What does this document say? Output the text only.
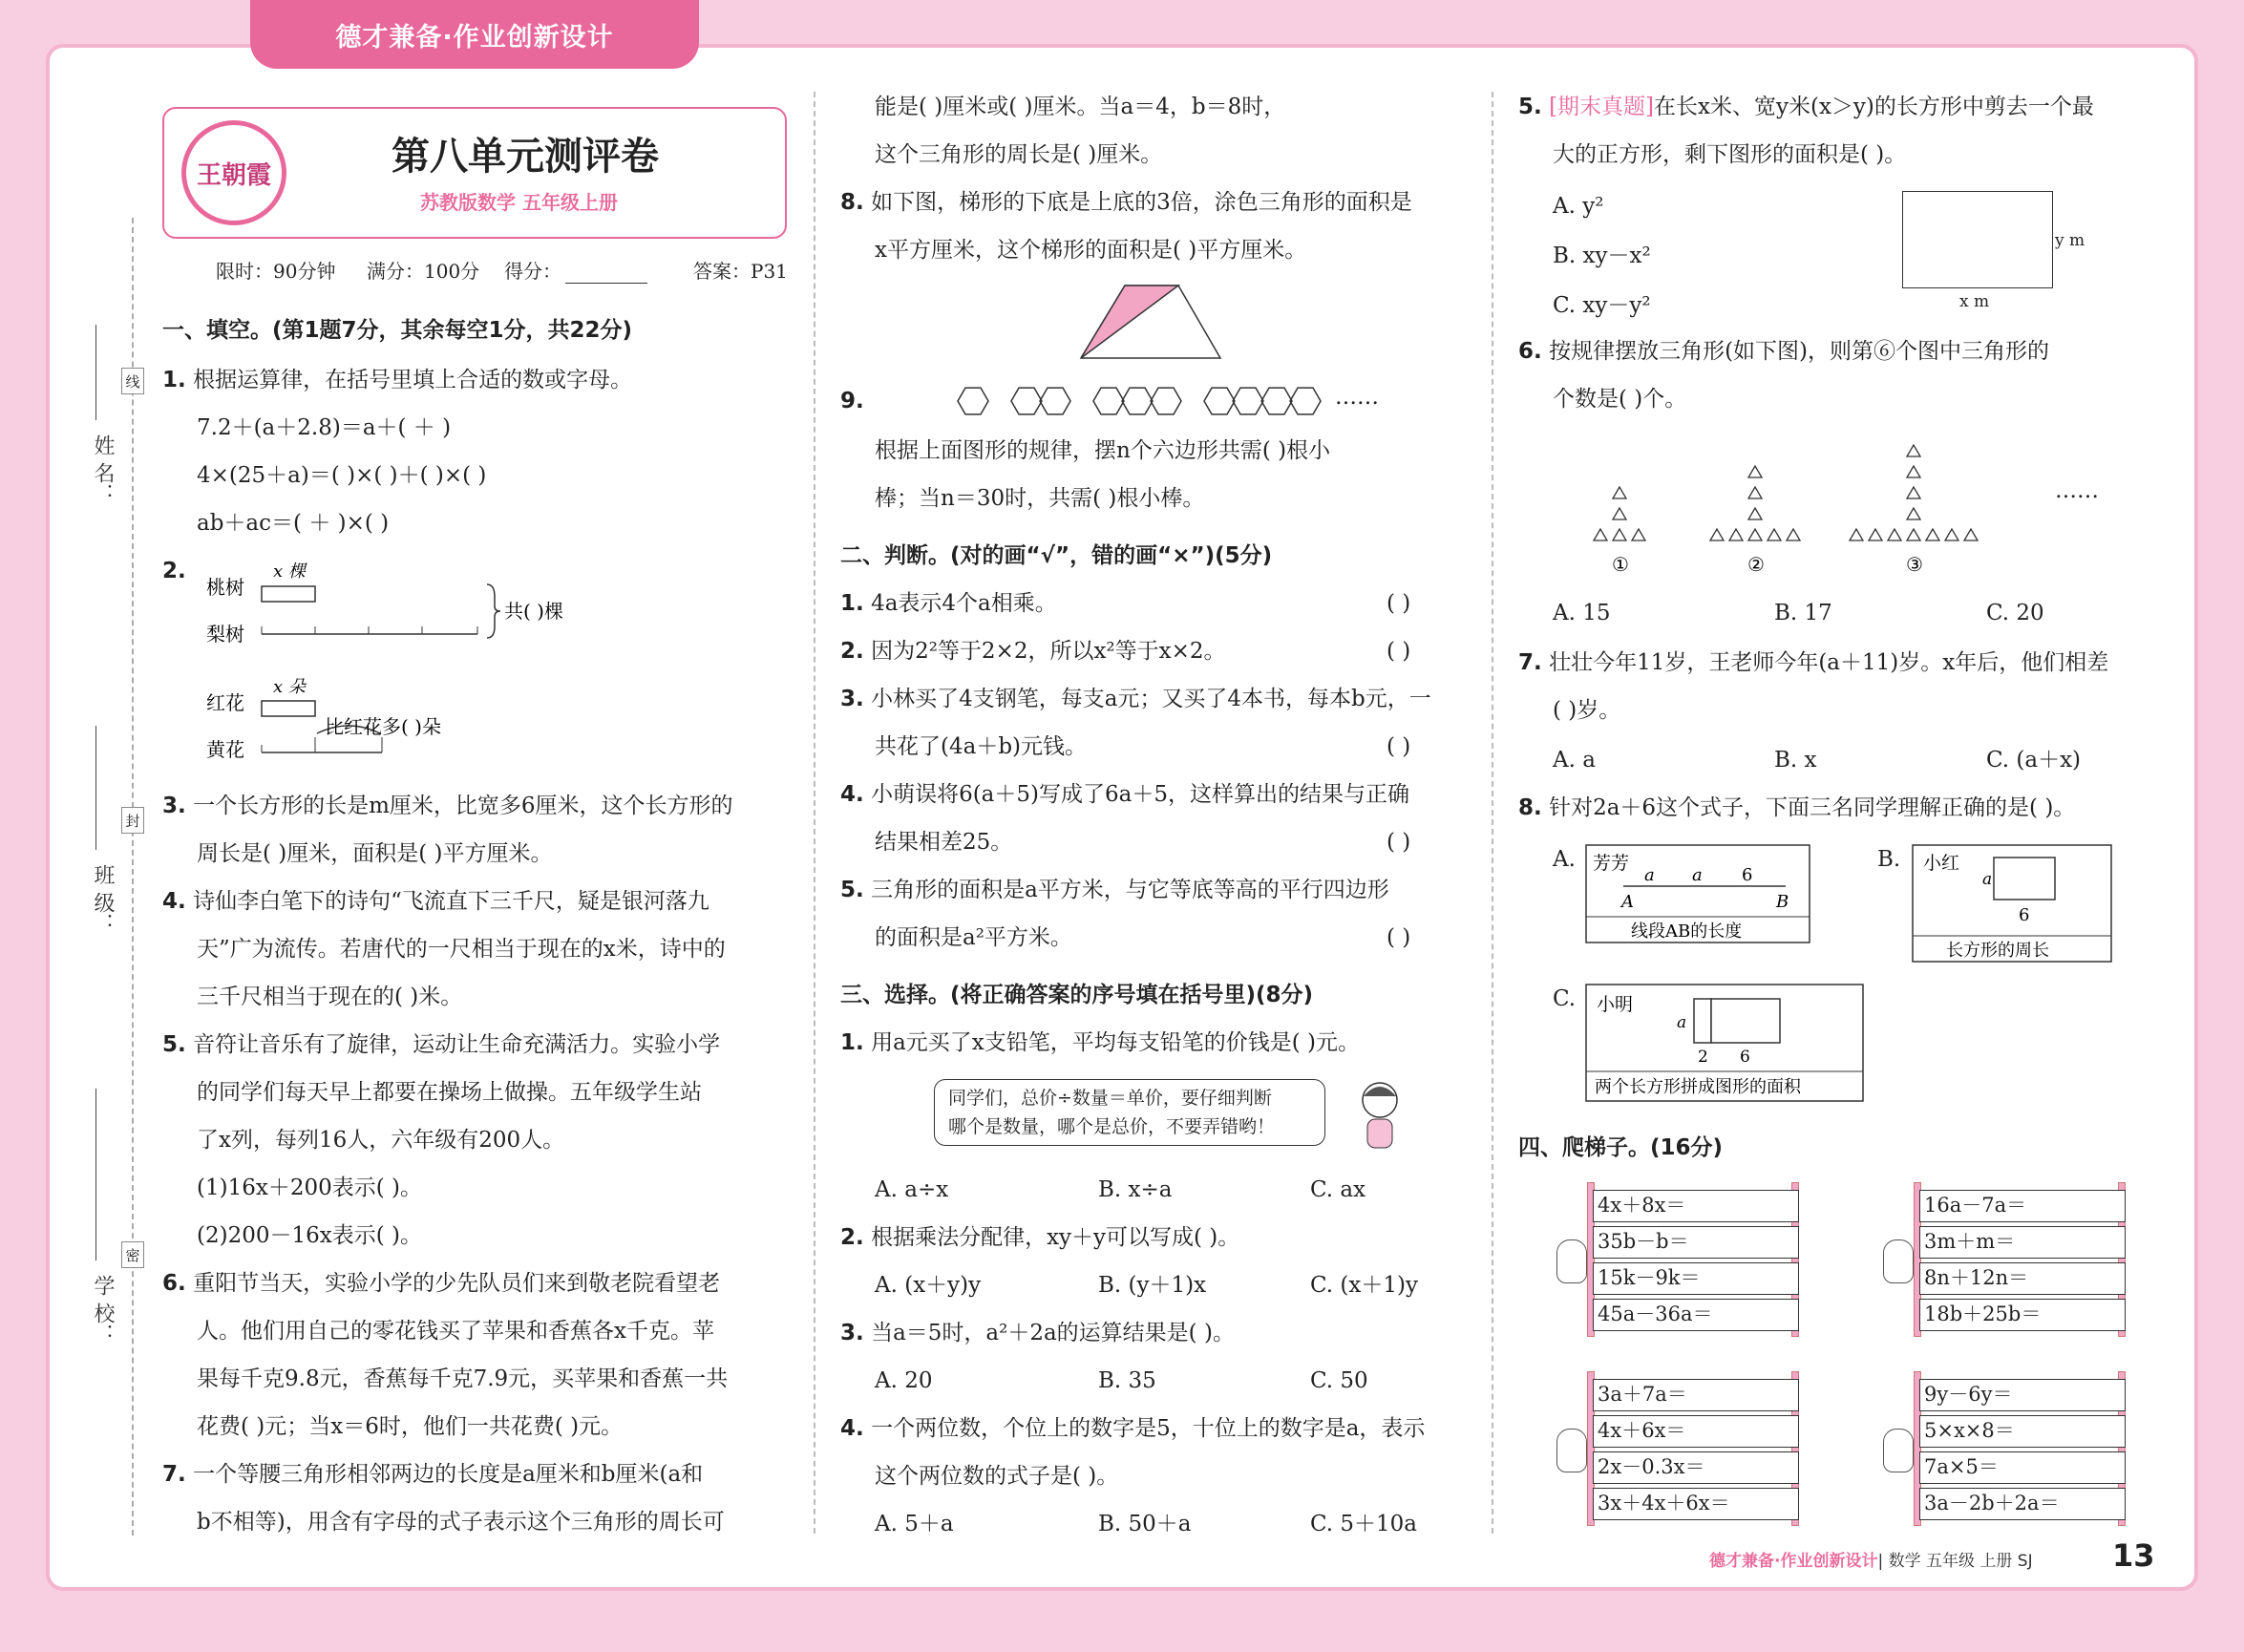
德才兼备·作业创新设计
姓 名：
班 级：
学 校：
线
封
密
王朝霞	第八单元测评卷
苏教版数学 五年级上册
限时：90分钟 满分：100分 得分：	答案：P31
一、填空。(第1题7分，其余每空1分，共22分)
1. 根据运算律，在括号里填上合适的数或字母。
7.2＋(a＋2.8)＝a＋( ＋ )
4×(25＋a)＝( )×( )＋( )×( )
ab＋ac＝( ＋ )×( )
2.
桃树
梨树
x 棵
共( )棵
红花
黄花
x 朵
比红花多( )朵
3. 一个长方形的长是m厘米，比宽多6厘米，这个长方形的
周长是( )厘米，面积是( )平方厘米。
4. 诗仙李白笔下的诗句“飞流直下三千尺，疑是银河落九
天”广为流传。若唐代的一尺相当于现在的x米，诗中的
三千尺相当于现在的( )米。
5. 音符让音乐有了旋律，运动让生命充满活力。实验小学
的同学们每天早上都要在操场上做操。五年级学生站
了x列，每列16人，六年级有200人。
(1)16x＋200表示( )。
(2)200－16x表示( )。
6. 重阳节当天，实验小学的少先队员们来到敬老院看望老
人。他们用自己的零花钱买了苹果和香蕉各x千克。苹
果每千克9.8元，香蕉每千克7.9元，买苹果和香蕉一共
花费( )元；当x＝6时，他们一共花费( )元。
7. 一个等腰三角形相邻两边的长度是a厘米和b厘米(a和
b不相等)，用含有字母的式子表示这个三角形的周长可
能是( )厘米或( )厘米。当a＝4，b＝8时，
这个三角形的周长是( )厘米。
8. 如下图，梯形的下底是上底的3倍，涂色三角形的面积是
x平方厘米，这个梯形的面积是( )平方厘米。
9.	……
根据上面图形的规律，摆n个六边形共需( )根小
棒；当n＝30时，共需( )根小棒。
二、判断。(对的画“√”，错的画“×”)(5分)
1. 4a表示4个a相乘。	( )
2. 因为2²等于2×2，所以x²等于x×2。	( )
3. 小林买了4支钢笔，每支a元；又买了4本书，每本b元，一
共花了(4a＋b)元钱。	( )
4. 小萌误将6(a＋5)写成了6a＋5，这样算出的结果与正确
结果相差25。	( )
5. 三角形的面积是a平方米，与它等底等高的平行四边形
的面积是a²平方米。	( )
三、选择。(将正确答案的序号填在括号里)(8分)
1. 用a元买了x支铅笔，平均每支铅笔的价钱是( )元。
同学们，总价÷数量＝单价，要仔细判断
哪个是数量，哪个是总价，不要弄错哟！
A. a÷x	B. x÷a	C. ax
2. 根据乘法分配律，xy＋y可以写成( )。
A. (x＋y)y	B. (y＋1)x	C. (x＋1)y
3. 当a＝5时，a²＋2a的运算结果是( )。
A. 20	B. 35	C. 50
4. 一个两位数，个位上的数字是5，十位上的数字是a，表示
这个两位数的式子是( )。
A. 5＋a	B. 50＋a	C. 5＋10a
5. [期末真题]在长x米、宽y米(x＞y)的长方形中剪去一个最
大的正方形，剩下图形的面积是( )。
A. y²
B. xy－x²
C. xy－y²
y m
x m
6. 按规律摆放三角形(如下图)，则第⑥个图中三角形的
个数是( )个。
①	②	③
……
A. 15	B. 17	C. 20
7. 壮壮今年11岁，王老师今年(a＋11)岁。x年后，他们相差
( )岁。
A. a	B. x	C. (a＋x)
8. 针对2a＋6这个式子，下面三名同学理解正确的是( )。
A. 芳芳
a a 6
A	B
线段AB的长度
B. 小红
a
6
长方形的周长
C. 小明
a
2 6
两个长方形拼成图形的面积
四、爬梯子。(16分)
4x＋8x＝
35b－b＝
15k－9k＝
45a－36a＝
16a－7a＝
3m＋m＝
8n＋12n＝
18b＋25b＝
3a＋7a＝
4x＋6x＝
2x－0.3x＝
3x＋4x＋6x＝
9y－6y＝
5×x×8＝
7a×5＝
3a－2b＋2a＝
德才兼备·作业创新设计| 数学 五年级 上册 SJ	13
